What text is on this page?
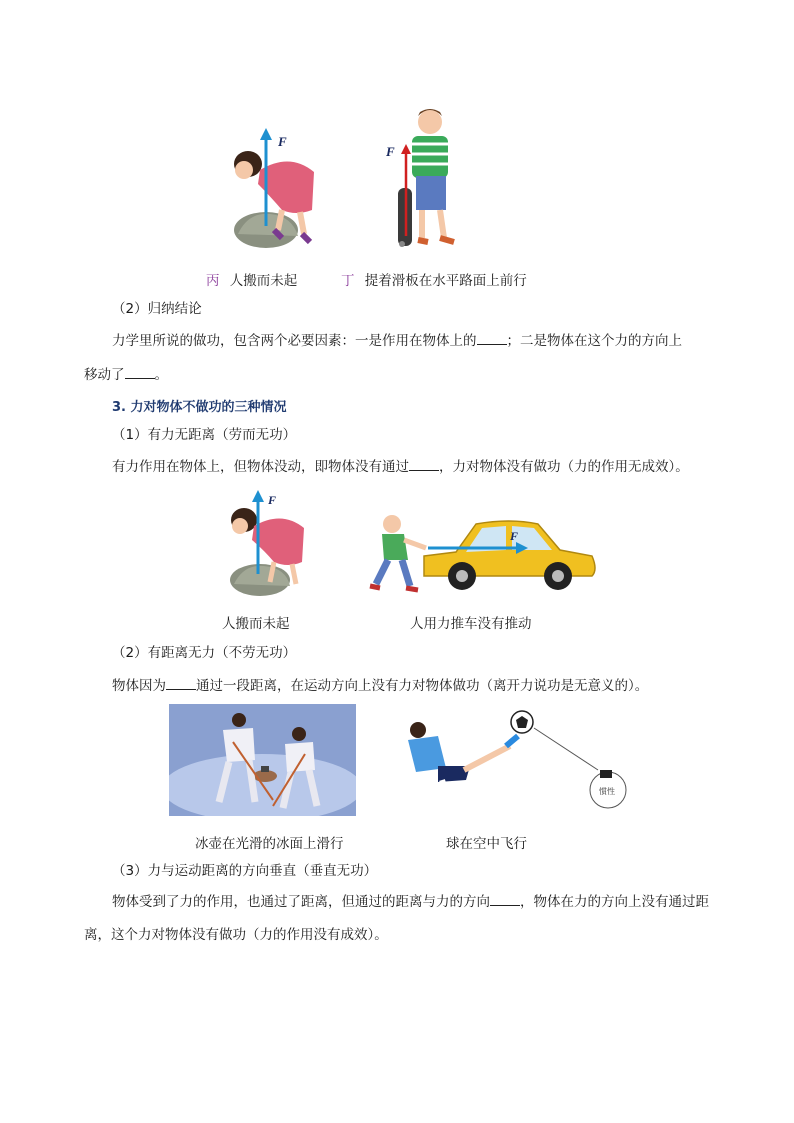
F
F
丙 人搬而未起	丁 提着滑板在水平路面上前行
（2）归纳结论
力学里所说的做功，包含两个必要因素：一是作用在物体上的 ；二是物体在这个力的方向上
移动了 。
3. 力对物体不做功的三种情况
（1）有力无距离（劳而无功）
有力作用在物体上，但物体没动，即物体没有通过 ，力对物体没有做功（力的作用无成效）。
F
F
人搬而未起	人用力推车没有推动
（2）有距离无力（不劳无功）
物体因为 通过一段距离，在运动方向上没有力对物体做功（离开力说功是无意义的）。
惯性
冰壶在光滑的冰面上滑行	球在空中飞行
（3）力与运动距离的方向垂直（垂直无功）
物体受到了力的作用，也通过了距离，但通过的距离与力的方向 ，物体在力的方向上没有通过距
离，这个力对物体没有做功（力的作用没有成效）。
